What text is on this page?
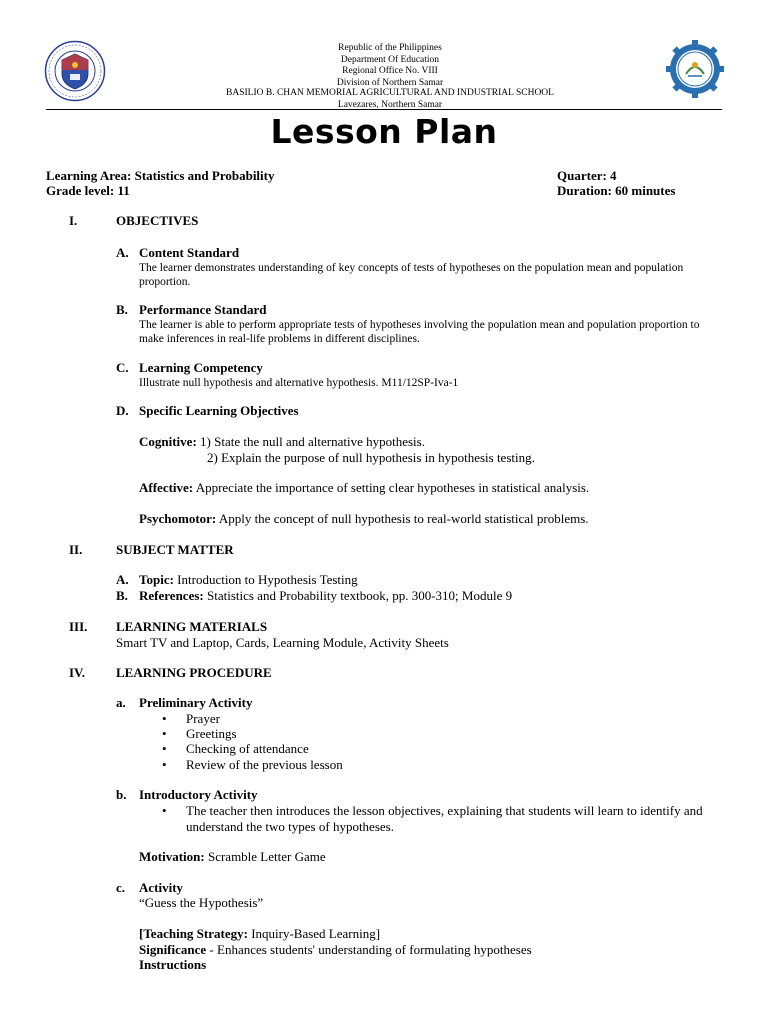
Republic of the Philippines
Department Of Education
Regional Office No. VIII
Division of Northern Samar
BASILIO B. CHAN MEMORIAL AGRICULTURAL AND INDUSTRIAL SCHOOL
Lavezares, Northern Samar
Lesson Plan
Learning Area: Statistics and Probability
Grade level: 11
Quarter: 4
Duration: 60 minutes
I.	OBJECTIVES
A. Content Standard
The learner demonstrates understanding of key concepts of tests of hypotheses on the population mean and population proportion.
B. Performance Standard
The learner is able to perform appropriate tests of hypotheses involving the population mean and population proportion to make inferences in real-life problems in different disciplines.
C. Learning Competency
Illustrate null hypothesis and alternative hypothesis. M11/12SP-Iva-1
D. Specific Learning Objectives
Cognitive: 1) State the null and alternative hypothesis.
2) Explain the purpose of null hypothesis in hypothesis testing.
Affective: Appreciate the importance of setting clear hypotheses in statistical analysis.
Psychomotor: Apply the concept of null hypothesis to real-world statistical problems.
II.	SUBJECT MATTER
A. Topic: Introduction to Hypothesis Testing
B. References: Statistics and Probability textbook, pp. 300-310; Module 9
III. LEARNING MATERIALS
Smart TV and Laptop, Cards, Learning Module, Activity Sheets
IV. LEARNING PROCEDURE
a. Preliminary Activity
• Prayer
• Greetings
• Checking of attendance
• Review of the previous lesson
b. Introductory Activity
• The teacher then introduces the lesson objectives, explaining that students will learn to identify and understand the two types of hypotheses.
Motivation: Scramble Letter Game
c. Activity
“Guess the Hypothesis”
[Teaching Strategy: Inquiry-Based Learning]
Significance - Enhances students' understanding of formulating hypotheses
Instructions
